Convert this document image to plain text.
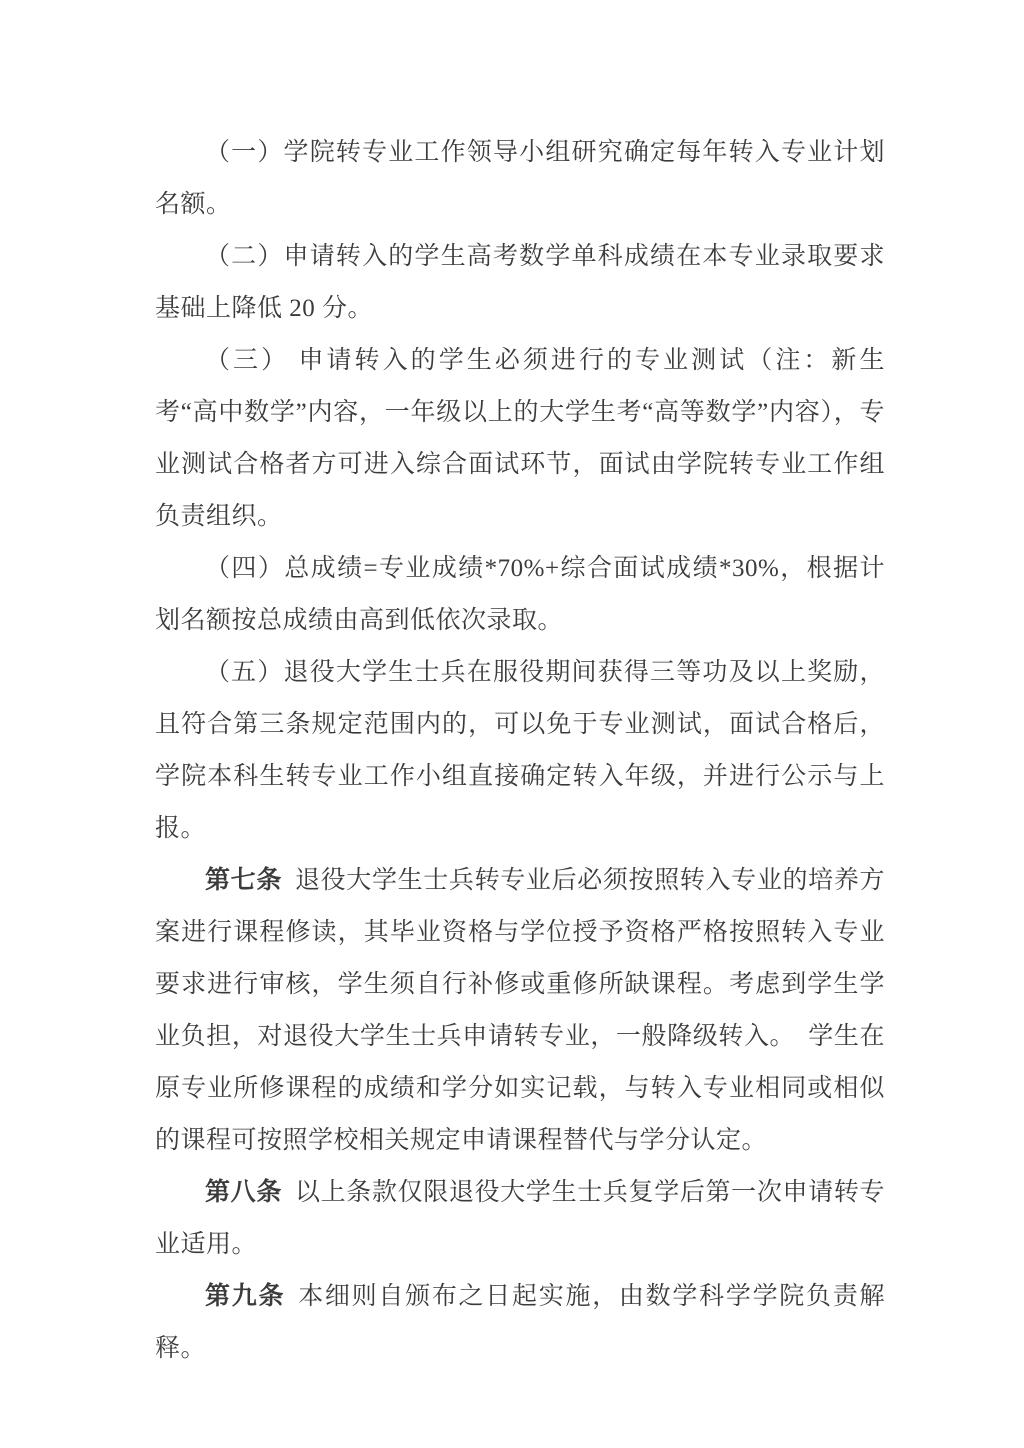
（一）学院转专业工作领导小组研究确定每年转入专业计划名额。

（二）申请转入的学生高考数学单科成绩在本专业录取要求基础上降低 20 分。

（三） 申请转入的学生必须进行的专业测试（注：新生考“高中数学”内容，一年级以上的大学生考“高等数学”内容），专业测试合格者方可进入综合面试环节，面试由学院转专业工作组负责组织。

（四）总成绩=专业成绩*70%+综合面试成绩*30%，根据计划名额按总成绩由高到低依次录取。

（五）退役大学生士兵在服役期间获得三等功及以上奖励，且符合第三条规定范围内的，可以免于专业测试，面试合格后，学院本科生转专业工作小组直接确定转入年级，并进行公示与上报。

第七条 退役大学生士兵转专业后必须按照转入专业的培养方案进行课程修读，其毕业资格与学位授予资格严格按照转入专业要求进行审核，学生须自行补修或重修所缺课程。考虑到学生学业负担，对退役大学生士兵申请转专业，一般降级转入。　学生在原专业所修课程的成绩和学分如实记载，与转入专业相同或相似的课程可按照学校相关规定申请课程替代与学分认定。

第八条 以上条款仅限退役大学生士兵复学后第一次申请转专业适用。

第九条 本细则自颁布之日起实施，由数学科学学院负责解释。
